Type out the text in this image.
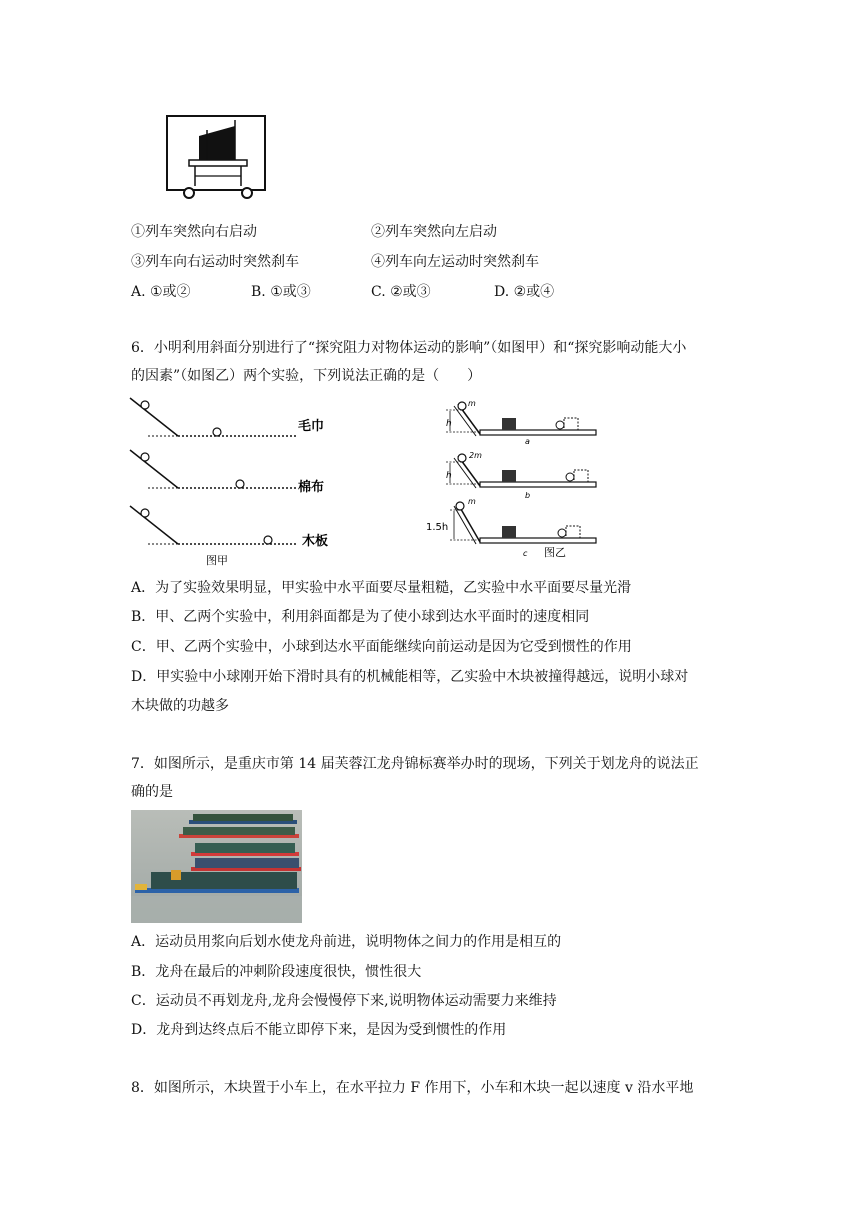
①列车突然向右启动	②列车突然向左启动
③列车向右运动时突然刹车	④列车向左运动时突然刹车
A. ①或②	B. ①或③	C. ②或③	D. ②或④
6．小明利用斜面分别进行了“探究阻力对物体运动的影响”（如图甲）和“探究影响动能大小
的因素”（如图乙）两个实验，下列说法正确的是（　　）
毛巾
棉布
木板
图甲
m
h
a
2m
h
b
m
1.5h
c 图乙
A．为了实验效果明显，甲实验中水平面要尽量粗糙，乙实验中水平面要尽量光滑
B．甲、乙两个实验中，利用斜面都是为了使小球到达水平面时的速度相同
C．甲、乙两个实验中，小球到达水平面能继续向前运动是因为它受到惯性的作用
D．甲实验中小球刚开始下滑时具有的机械能相等，乙实验中木块被撞得越远，说明小球对
木块做的功越多
7．如图所示，是重庆市第 14 届芙蓉江龙舟锦标赛举办时的现场，下列关于划龙舟的说法正
确的是
A．运动员用浆向后划水使龙舟前进，说明物体之间力的作用是相互的
B．龙舟在最后的冲刺阶段速度很快，惯性很大
C．运动员不再划龙舟,龙舟会慢慢停下来,说明物体运动需要力来维持
D．龙舟到达终点后不能立即停下来，是因为受到惯性的作用
8．如图所示，木块置于小车上，在水平拉力 F 作用下，小车和木块一起以速度 v 沿水平地
